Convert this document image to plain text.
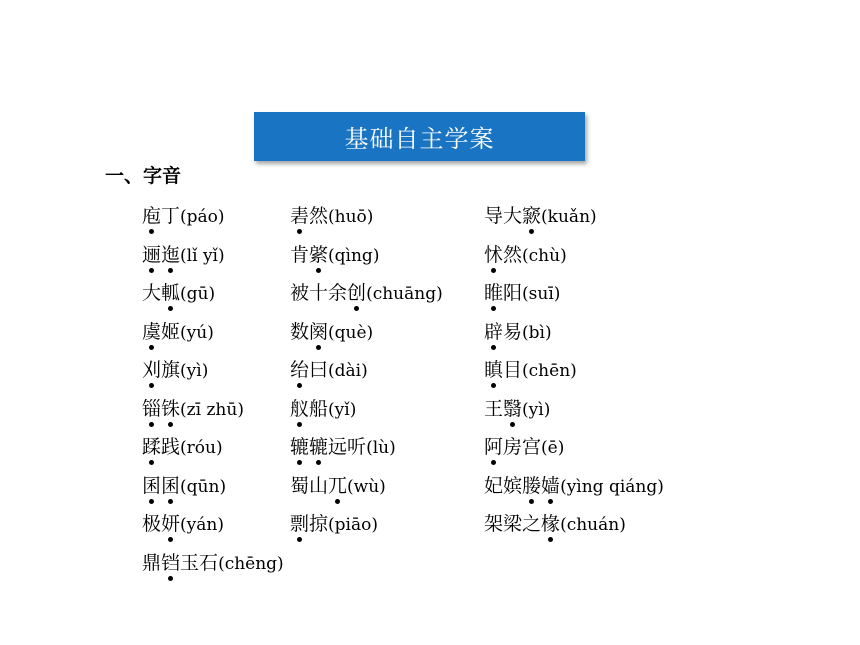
基础自主学案
一、字音
庖丁(páo)	砉然(huō)	导大窾(kuǎn)
逦迤(lǐ yǐ)	肯綮(qìng)	怵然(chù)
大軱(gū)	被十余创(chuāng) 睢阳(suī)
虞姬(yú)	数阕(què)	辟易(bì)
刈旗(yì)	绐曰(dài)	瞋目(chēn)
锱铢(zī zhū) 舣船(yǐ)	王翳(yì)
蹂践(róu)	辘辘远听(lù)	阿房宫(ē)
囷囷(qūn)	蜀山兀(wù)	妃嫔媵嫱(yìng qiáng)
极妍(yán)	剽掠(piāo)	架梁之椽(chuán)
鼎铛玉石(chēng)
